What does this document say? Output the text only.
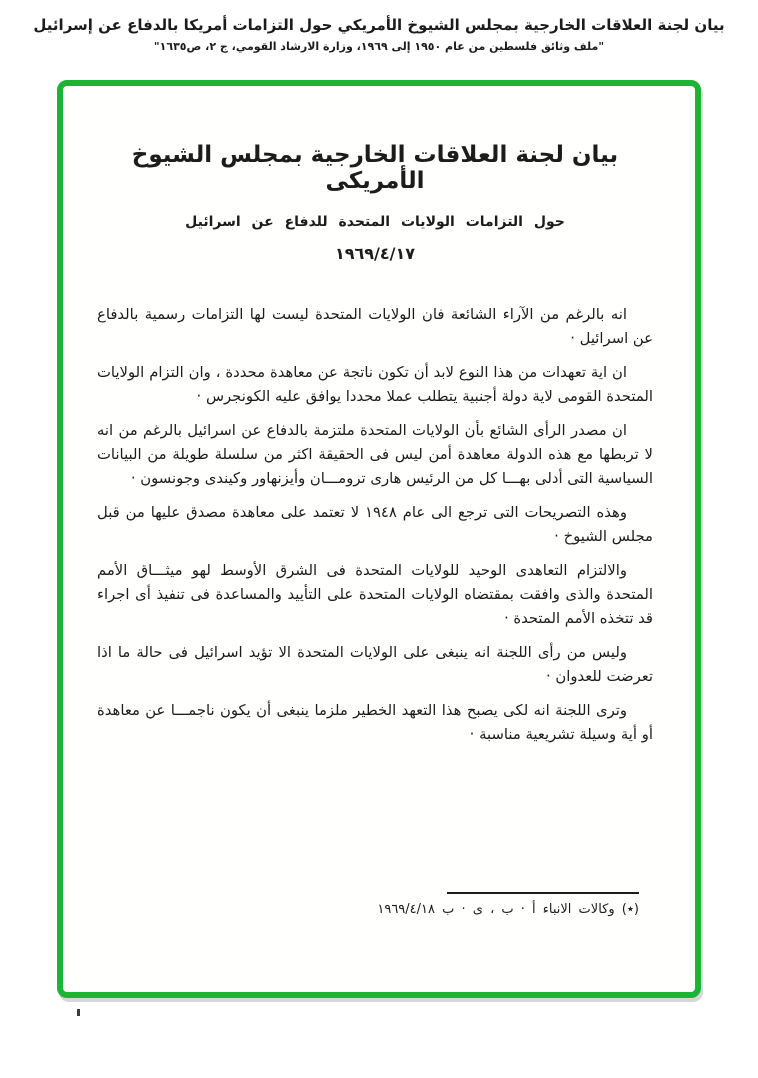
بيان لجنة العلاقات الخارجية بمجلس الشيوخ الأمريكي حول التزامات أمريكا بالدفاع عن إسرائيل
"ملف وثائق فلسطين من عام ١٩٥٠ إلى ١٩٦٩، وزارة الارشاد القومي، ج ٢، ص١٦٣٥"
بيان لجنة العلاقات الخارجية بمجلس الشيوخ الأمريكى
حول التزامات الولايات المتحدة للدفاع عن اسرائيل
١٩٦٩/٤/١٧

انه بالرغم من الآراء الشائعة فان الولايات المتحدة ليست لها التزامات رسمية بالدفاع عن اسرائيل ·

ان اية تعهدات من هذا النوع لابد أن تكون ناتجة عن معاهدة محددة ، وان التزام الولايات المتحدة القومى لاية دولة أجنبية يتطلب عملا محددا يوافق عليه الكونجرس ·

ان مصدر الرأى الشائع بأن الولايات المتحدة ملتزمة بالدفاع عن اسرائيل بالرغم من انه لا تربطها مع هذه الدولة معاهدة أمن ليس فى الحقيقة اكثر من سلسلة طويلة من البيانات السياسية التى أدلى بهـــا كل من الرئيس هارى ترومـــان وأيزنهاور وكيندى وجونسون ·

وهذه التصريحات التى ترجع الى عام ١٩٤٨ لا تعتمد على معاهدة مصدق عليها من قبل مجلس الشيوخ ·

والالتزام التعاهدى الوحيد للولايات المتحدة فى الشرق الأوسط لهو ميثـــاق الأمم المتحدة والذى وافقت بمقتضاه الولايات المتحدة على التأييد والمساعدة فى تنفيذ أى اجراء قد تتخذه الأمم المتحدة ·

وليس من رأى اللجنة انه ينبغى على الولايات المتحدة الا تؤيد اسرائيل فى حالة ما اذا تعرضت للعدوان ·

وترى اللجنة انه لكى يصبح هذا التعهد الخطير ملزما ينبغى أن يكون ناجمـــا عن معاهدة أو أية وسيلة تشريعية مناسبة ·

(٭) وكالات الانباء أ · ب ، ى · ب ١٩٦٩/٤/١٨
